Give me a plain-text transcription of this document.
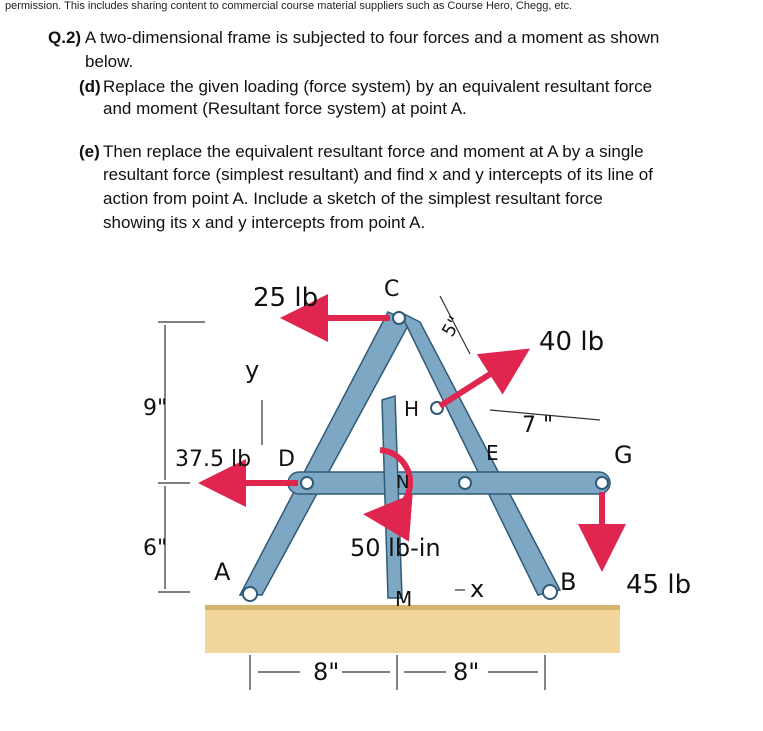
permission. This includes sharing content to commercial course material suppliers such as Course Hero, Chegg, etc.
Q.2) A two-dimensional frame is subjected to four forces and a moment as shown
below.
(d) Replace the given loading (force system) by an equivalent resultant force
and moment (Resultant force system) at point A.
(e) Then replace the equivalent resultant force and moment at A by a single
resultant force (simplest resultant) and find x and y intercepts of its line of
action from point A. Include a sketch of the simplest resultant force
showing its x and y intercepts from point A.
25 lb
40 lb
37.5 lb
45 lb
50 lb-in
9"
6"
5"
7 "
8"	8"
y
x
A	B
C
D	E	G
H
N
M
